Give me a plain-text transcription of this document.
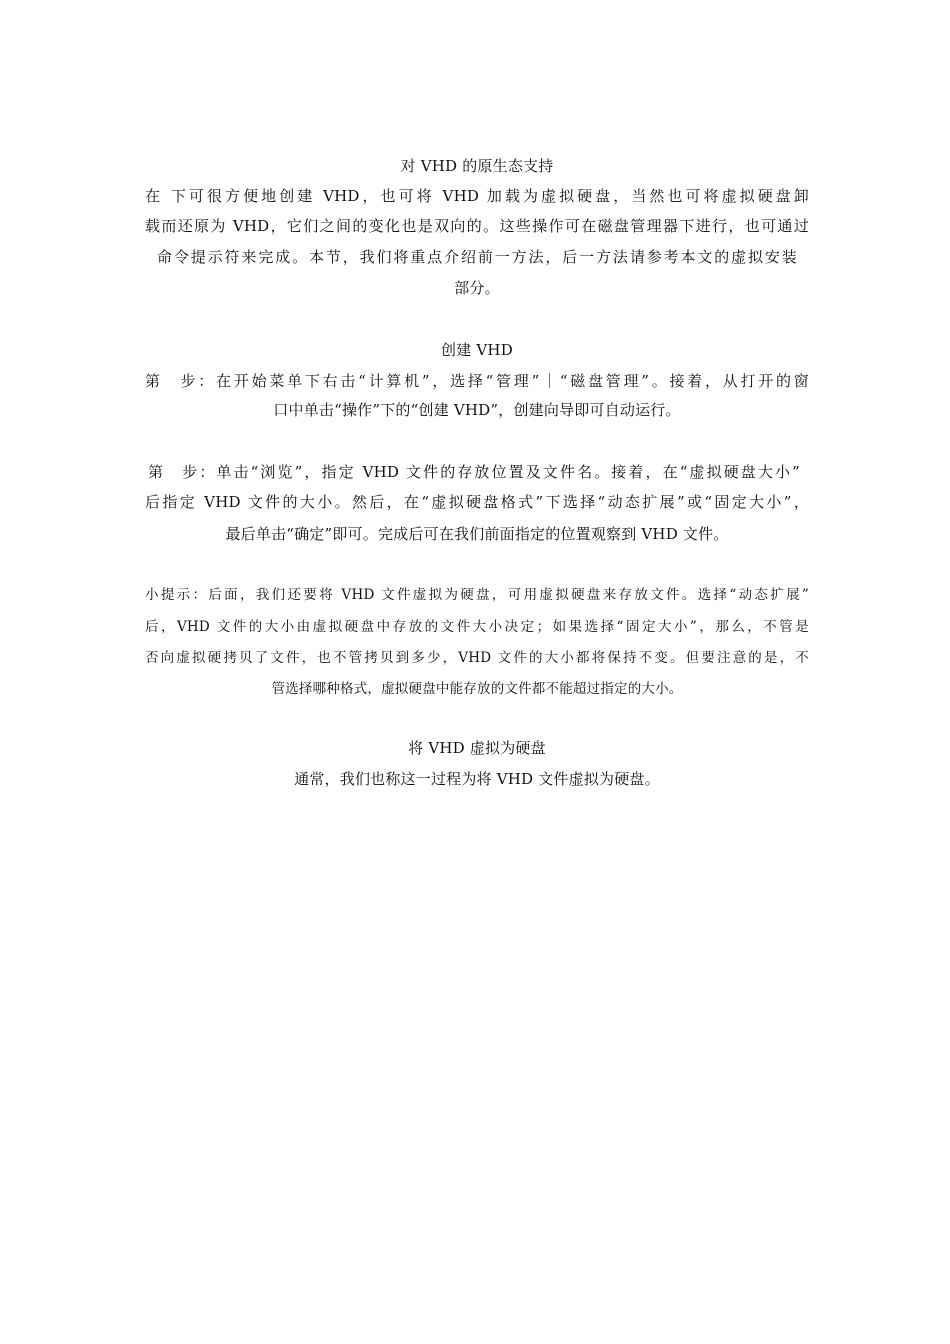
对 VHD 的原生态支持
在 下可很方便地创建 VHD，也可将 VHD 加载为虚拟硬盘，当然也可将虚拟硬盘卸
载而还原为 VHD，它们之间的变化也是双向的。这些操作可在磁盘管理器下进行，也可通过
命令提示符来完成。本节，我们将重点介绍前一方法，后一方法请参考本文的虚拟安装
部分。
创建 VHD
第　步：在开始菜单下右击“计算机”，选择“管理”｜“磁盘管理”。接着，从打开的窗
口中单击“操作”下的“创建 VHD”，创建向导即可自动运行。
第　步：单击“浏览”，指定 VHD 文件的存放位置及文件名。接着，在“虚拟硬盘大小”
后指定 VHD 文件的大小。然后，在“虚拟硬盘格式”下选择“动态扩展”或“固定大小”，
最后单击“确定”即可。完成后可在我们前面指定的位置观察到 VHD 文件。
小提示：后面，我们还要将 VHD 文件虚拟为硬盘，可用虚拟硬盘来存放文件。选择“动态扩展”
后，VHD 文件的大小由虚拟硬盘中存放的文件大小决定；如果选择“固定大小”，那么，不管是
否向虚拟硬拷贝了文件，也不管拷贝到多少，VHD 文件的大小都将保持不变。但要注意的是，不
管选择哪种格式，虚拟硬盘中能存放的文件都不能超过指定的大小。
将 VHD 虚拟为硬盘
通常，我们也称这一过程为将 VHD 文件虚拟为硬盘。
